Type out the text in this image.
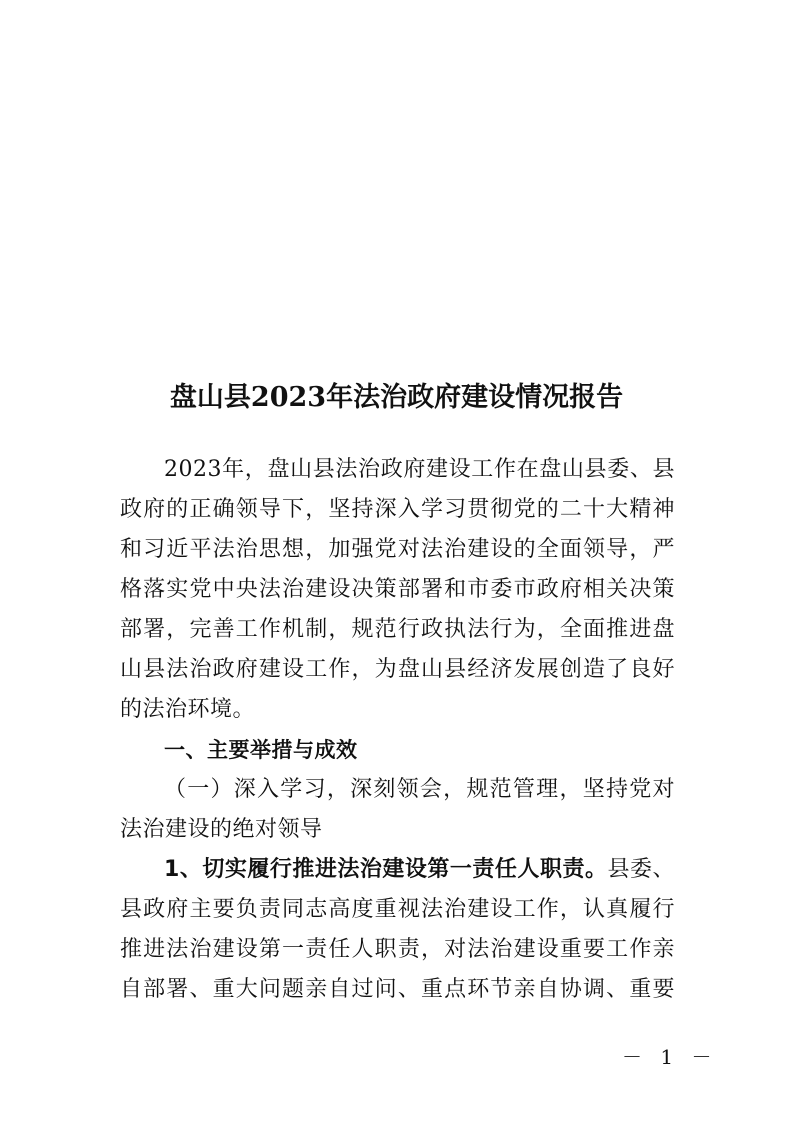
盘山县2023年法治政府建设情况报告
2023年，盘山县法治政府建设工作在盘山县委、县
政府的正确领导下，坚持深入学习贯彻党的二十大精神
和习近平法治思想，加强党对法治建设的全面领导，严
格落实党中央法治建设决策部署和市委市政府相关决策
部署，完善工作机制，规范行政执法行为，全面推进盘
山县法治政府建设工作，为盘山县经济发展创造了良好
的法治环境。
一、主要举措与成效
（一）深入学习，深刻领会，规范管理，坚持党对
法治建设的绝对领导
1、切实履行推进法治建设第一责任人职责。县委、
县政府主要负责同志高度重视法治建设工作，认真履行
推进法治建设第一责任人职责，对法治建设重要工作亲
自部署、重大问题亲自过问、重点环节亲自协调、重要
－ 1 －
